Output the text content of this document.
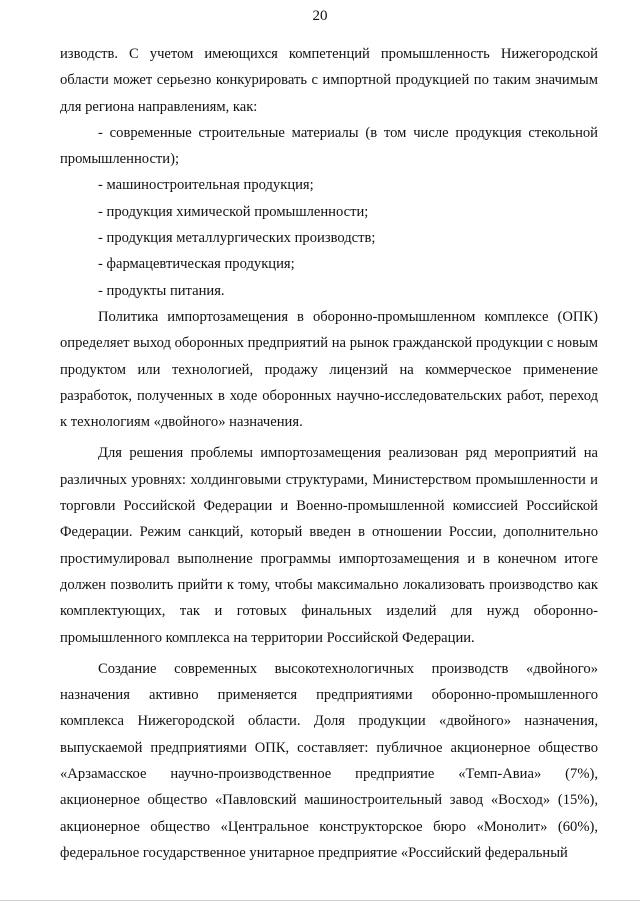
20

изводств. С учетом имеющихся компетенций промышленность Нижегородской области может серьезно конкурировать с импортной продукцией по таким значимым для региона направлениям, как:

- современные строительные материалы (в том числе продукция стекольной промышленности);

- машиностроительная продукция;

- продукция химической промышленности;

- продукция металлургических производств;

- фармацевтическая продукция;

- продукты питания.

Политика импортозамещения в оборонно-промышленном комплексе (ОПК) определяет выход оборонных предприятий на рынок гражданской продукции с новым продуктом или технологией, продажу лицензий на коммерческое применение разработок, полученных в ходе оборонных научно-исследовательских работ, переход к технологиям «двойного» назначения.

Для решения проблемы импортозамещения реализован ряд мероприятий на различных уровнях: холдинговыми структурами, Министерством промышленности и торговли Российской Федерации и Военно-промышленной комиссией Российской Федерации. Режим санкций, который введен в отношении России, дополнительно простимулировал выполнение программы импортозамещения и в конечном итоге должен позволить прийти к тому, чтобы максимально локализовать производство как комплектующих, так и готовых финальных изделий для нужд оборонно-промышленного комплекса на территории Российской Федерации.

Создание современных высокотехнологичных производств «двойного» назначения активно применяется предприятиями оборонно-промышленного комплекса Нижегородской области. Доля продукции «двойного» назначения, выпускаемой предприятиями ОПК, составляет: публичное акционерное общество «Арзамасское научно-производственное предприятие «Темп-Авиа» (7%), акционерное общество «Павловский машиностроительный завод «Восход» (15%), акционерное общество «Центральное конструкторское бюро «Монолит» (60%), федеральное государственное унитарное предприятие «Российский федеральный
